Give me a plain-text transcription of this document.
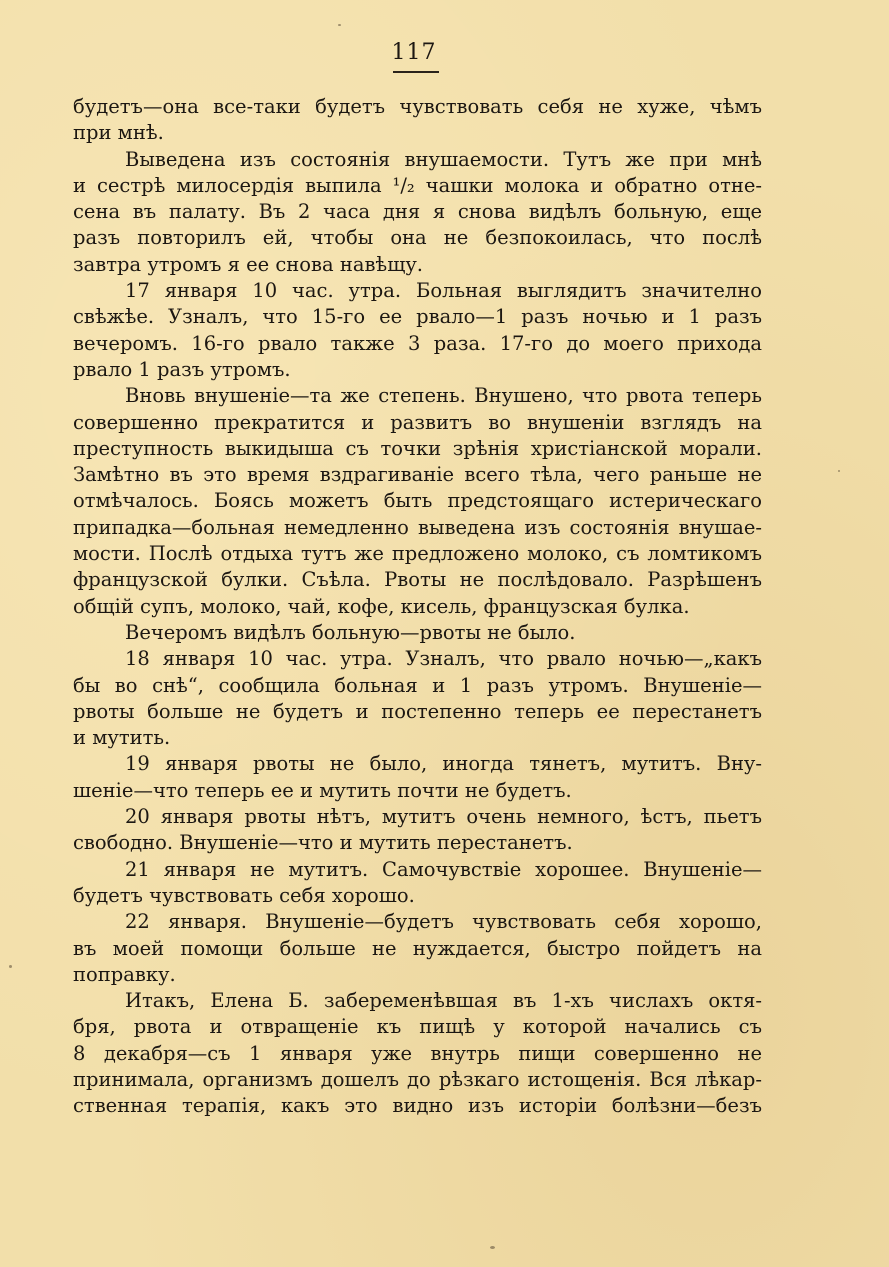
117
будетъ—она все-таки будетъ чувствовать себя не хуже, чѣмъ
при мнѣ.
Выведена изъ состоянія внушаемости. Тутъ же при мнѣ
и сестрѣ милосердія выпила ¹/₂ чашки молока и обратно отне-
сена въ палату. Въ 2 часа дня я снова видѣлъ больную, еще
разъ повторилъ ей, чтобы она не безпокоилась, что послѣ
завтра утромъ я ее снова навѣщу.
17 января 10 час. утра. Больная выглядитъ значително
свѣжѣе. Узналъ, что 15-го ее рвало—1 разъ ночью и 1 разъ
вечеромъ. 16-го рвало также 3 раза. 17-го до моего прихода
рвало 1 разъ утромъ.
Вновь внушеніе—та же степень. Внушено, что рвота теперь
совершенно прекратится и развитъ во внушеніи взглядъ на
преступность выкидыша съ точки зрѣнія христіанской морали.
Замѣтно въ это время вздрагиваніе всего тѣла, чего раньше не
отмѣчалось. Боясь можетъ быть предстоящаго истерическаго
припадка—больная немедленно выведена изъ состоянія внушае-
мости. Послѣ отдыха тутъ же предложено молоко, съ ломтикомъ
французской булки. Съѣла. Рвоты не послѣдовало. Разрѣшенъ
общій супъ, молоко, чай, кофе, кисель, французская булка.
Вечеромъ видѣлъ больную—рвоты не было.
18 января 10 час. утра. Узналъ, что рвало ночью—„какъ
бы во снѣ“, сообщила больная и 1 разъ утромъ. Внушеніе—
рвоты больше не будетъ и постепенно теперь ее перестанетъ
и мутить.
19 января рвоты не было, иногда тянетъ, мутитъ. Вну-
шеніе—что теперь ее и мутить почти не будетъ.
20 января рвоты нѣтъ, мутитъ очень немного, ѣстъ, пьетъ
свободно. Внушеніе—что и мутить перестанетъ.
21 января не мутитъ. Самочувствіе хорошее. Внушеніе—
будетъ чувствовать себя хорошо.
22 января. Внушеніе—будетъ чувствовать себя хорошо,
въ моей помощи больше не нуждается, быстро пойдетъ на
поправку.
Итакъ, Елена Б. забеременѣвшая въ 1-хъ числахъ октя-
бря, рвота и отвращеніе къ пищѣ у которой начались съ
8 декабря—съ 1 января уже внутрь пищи совершенно не
принимала, организмъ дошелъ до рѣзкаго истощенія. Вся лѣкар-
ственная терапія, какъ это видно изъ исторіи болѣзни—безъ
